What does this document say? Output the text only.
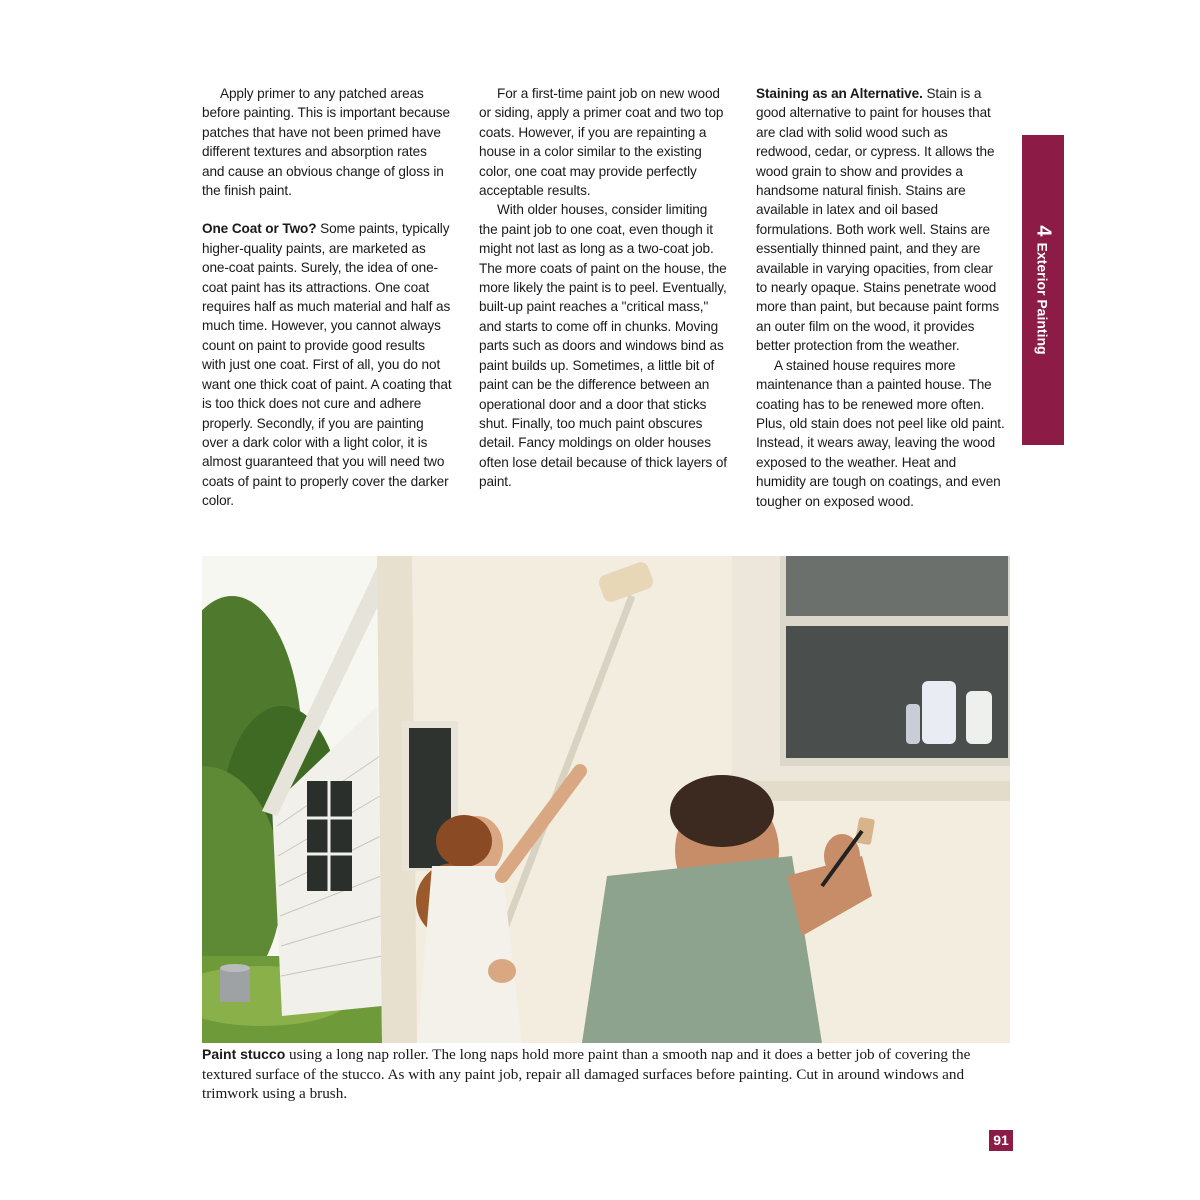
Apply primer to any patched areas before painting. This is important because patches that have not been primed have different textures and absorption rates and cause an obvious change of gloss in the finish paint.

One Coat or Two? Some paints, typically higher-quality paints, are marketed as one-coat paints. Surely, the idea of one-coat paint has its attractions. One coat requires half as much material and half as much time. However, you cannot always count on paint to provide good results with just one coat. First of all, you do not want one thick coat of paint. A coating that is too thick does not cure and adhere properly. Secondly, if you are painting over a dark color with a light color, it is almost guaranteed that you will need two coats of paint to properly cover the darker color.

For a first-time paint job on new wood or siding, apply a primer coat and two top coats. However, if you are repainting a house in a color similar to the existing color, one coat may provide perfectly acceptable results.

With older houses, consider limiting the paint job to one coat, even though it might not last as long as a two-coat job. The more coats of paint on the house, the more likely the paint is to peel. Eventually, built-up paint reaches a "critical mass," and starts to come off in chunks. Moving parts such as doors and windows bind as paint builds up. Sometimes, a little bit of paint can be the difference between an operational door and a door that sticks shut. Finally, too much paint obscures detail. Fancy moldings on older houses often lose detail because of thick layers of paint.

Staining as an Alternative. Stain is a good alternative to paint for houses that are clad with solid wood such as redwood, cedar, or cypress. It allows the wood grain to show and provides a handsome natural finish. Stains are available in latex and oil based formulations. Both work well. Stains are essentially thinned paint, and they are available in varying opacities, from clear to nearly opaque. Stains penetrate wood more than paint, but because paint forms an outer film on the wood, it provides better protection from the weather.

A stained house requires more maintenance than a painted house. The coating has to be renewed more often. Plus, old stain does not peel like old paint. Instead, it wears away, leaving the wood exposed to the weather. Heat and humidity are tough on coatings, and even tougher on exposed wood.

4Exterior Painting
Paint stucco using a long nap roller. The long naps hold more paint than a smooth nap and it does a better job of covering the textured surface of the stucco. As with any paint job, repair all damaged surfaces before painting. Cut in around windows and trimwork using a brush.
91
